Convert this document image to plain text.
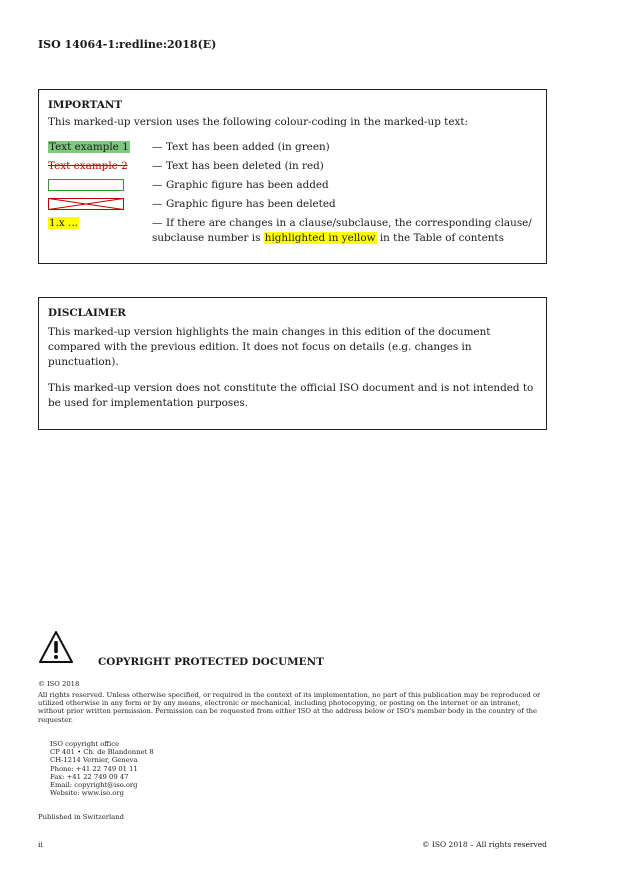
ISO 14064-1:redline:2018(E)
IMPORTANT
This marked-up version uses the following colour-coding in the marked-up text:
Text example 1	— Text has been added (in green)
Text example 2	— Text has been deleted (in red)
— Graphic figure has been added
— Graphic figure has been deleted
1.x ...	— If there are changes in a clause/subclause, the corresponding clause/ subclause number is highlighted in yellow in the Table of contents
DISCLAIMER
This marked-up version highlights the main changes in this edition of the document compared with the previous edition. It does not focus on details (e.g. changes in punctuation).
This marked-up version does not constitute the official ISO document and is not intended to be used for implementation purposes.
COPYRIGHT PROTECTED DOCUMENT
© ISO 2018
All rights reserved. Unless otherwise specified, or required in the context of its implementation, no part of this publication may be reproduced or utilized otherwise in any form or by any means, electronic or mechanical, including photocopying, or posting on the internet or an intranet, without prior written permission. Permission can be requested from either ISO at the address below or ISO's member body in the country of the requester.
ISO copyright office
CP 401 • Ch. de Blandonnet 8
CH-1214 Vernier, Geneva
Phone: +41 22 749 01 11
Fax: +41 22 749 09 47
Email: copyright@iso.org
Website: www.iso.org
Published in Switzerland
ii	© ISO 2018 – All rights reserved
